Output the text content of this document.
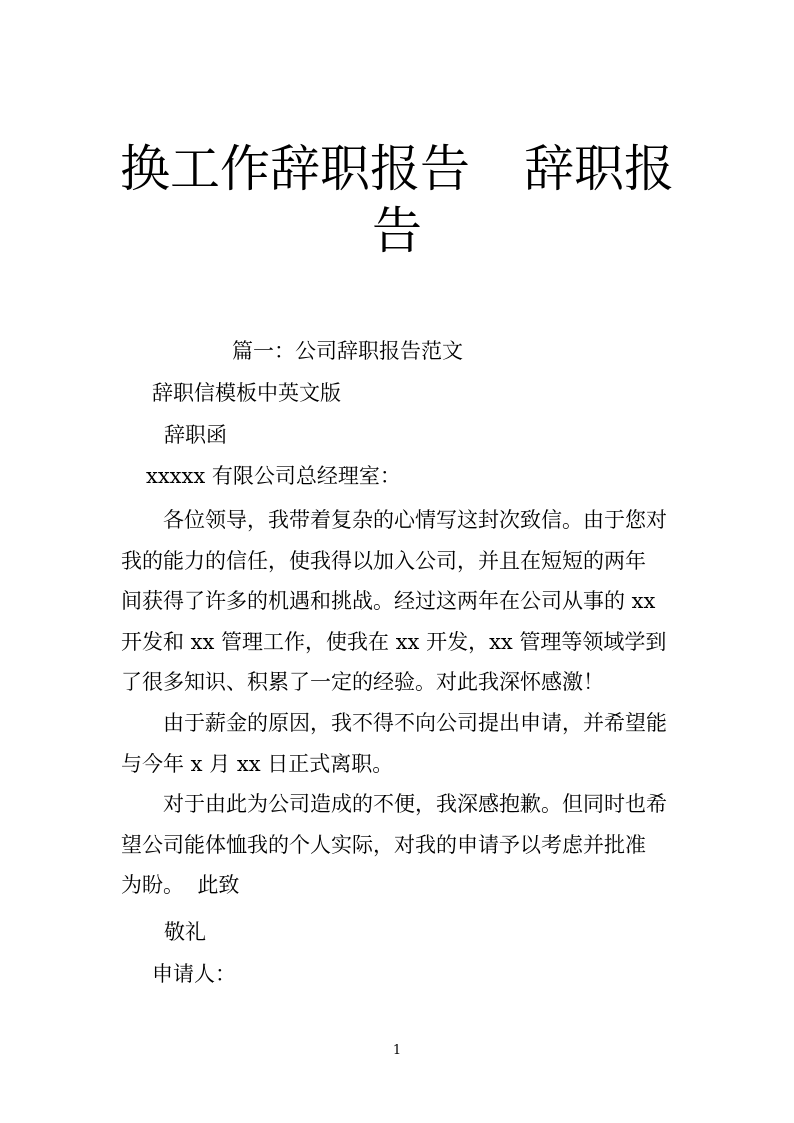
换工作辞职报告 辞职报
告

篇一：公司辞职报告范文

辞职信模板中英文版

辞职函

xxxxx 有限公司总经理室：

各位领导，我带着复杂的心情写这封次致信。由于您对
我的能力的信任，使我得以加入公司，并且在短短的两年
间获得了许多的机遇和挑战。经过这两年在公司从事的 xx
开发和 xx 管理工作，使我在 xx 开发，xx 管理等领域学到
了很多知识、积累了一定的经验。对此我深怀感激！
由于薪金的原因，我不得不向公司提出申请，并希望能
与今年 x 月 xx 日正式离职。
对于由此为公司造成的不便，我深感抱歉。但同时也希
望公司能体恤我的个人实际，对我的申请予以考虑并批准
为盼。  此致

敬礼

申请人：

1
